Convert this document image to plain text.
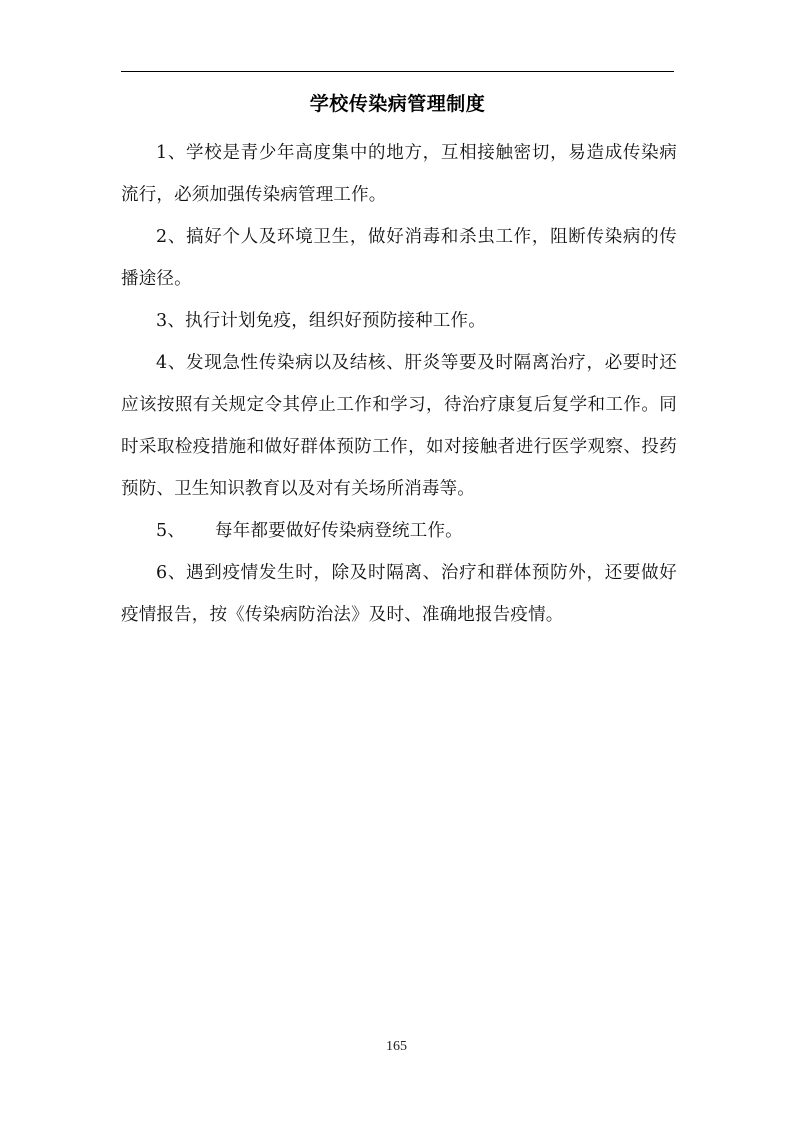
学校传染病管理制度

1、学校是青少年高度集中的地方，互相接触密切，易造成传染病流行，必须加强传染病管理工作。

2、搞好个人及环境卫生，做好消毒和杀虫工作，阻断传染病的传播途径。

3、执行计划免疫，组织好预防接种工作。

4、发现急性传染病以及结核、肝炎等要及时隔离治疗，必要时还应该按照有关规定令其停止工作和学习，待治疗康复后复学和工作。同时采取检疫措施和做好群体预防工作，如对接触者进行医学观察、投药预防、卫生知识教育以及对有关场所消毒等。

5、 每年都要做好传染病登统工作。

6、遇到疫情发生时，除及时隔离、治疗和群体预防外，还要做好疫情报告，按《传染病防治法》及时、准确地报告疫情。

165
